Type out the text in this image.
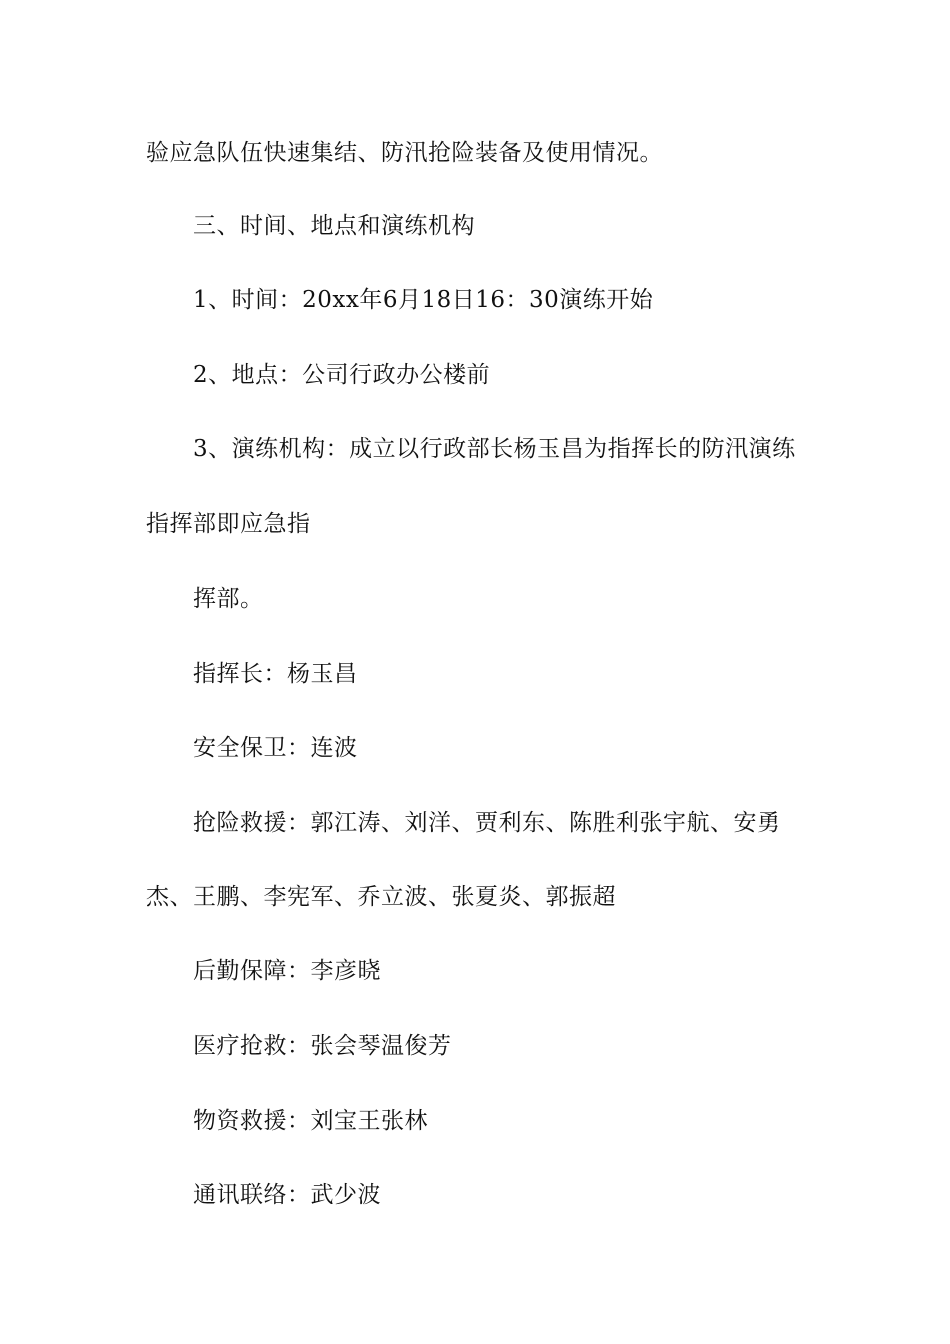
验应急队伍快速集结、防汛抢险装备及使用情况。
三、时间、地点和演练机构
1、时间：20xx年6月18日16：30演练开始
2、地点：公司行政办公楼前
3、演练机构：成立以行政部长杨玉昌为指挥长的防汛演练
指挥部即应急指
挥部。
指挥长：杨玉昌
安全保卫：连波
抢险救援：郭江涛、刘洋、贾利东、陈胜利张宇航、安勇
杰、王鹏、李宪军、乔立波、张夏炎、郭振超
后勤保障：李彦晓
医疗抢救：张会琴温俊芳
物资救援：刘宝王张林
通讯联络：武少波
